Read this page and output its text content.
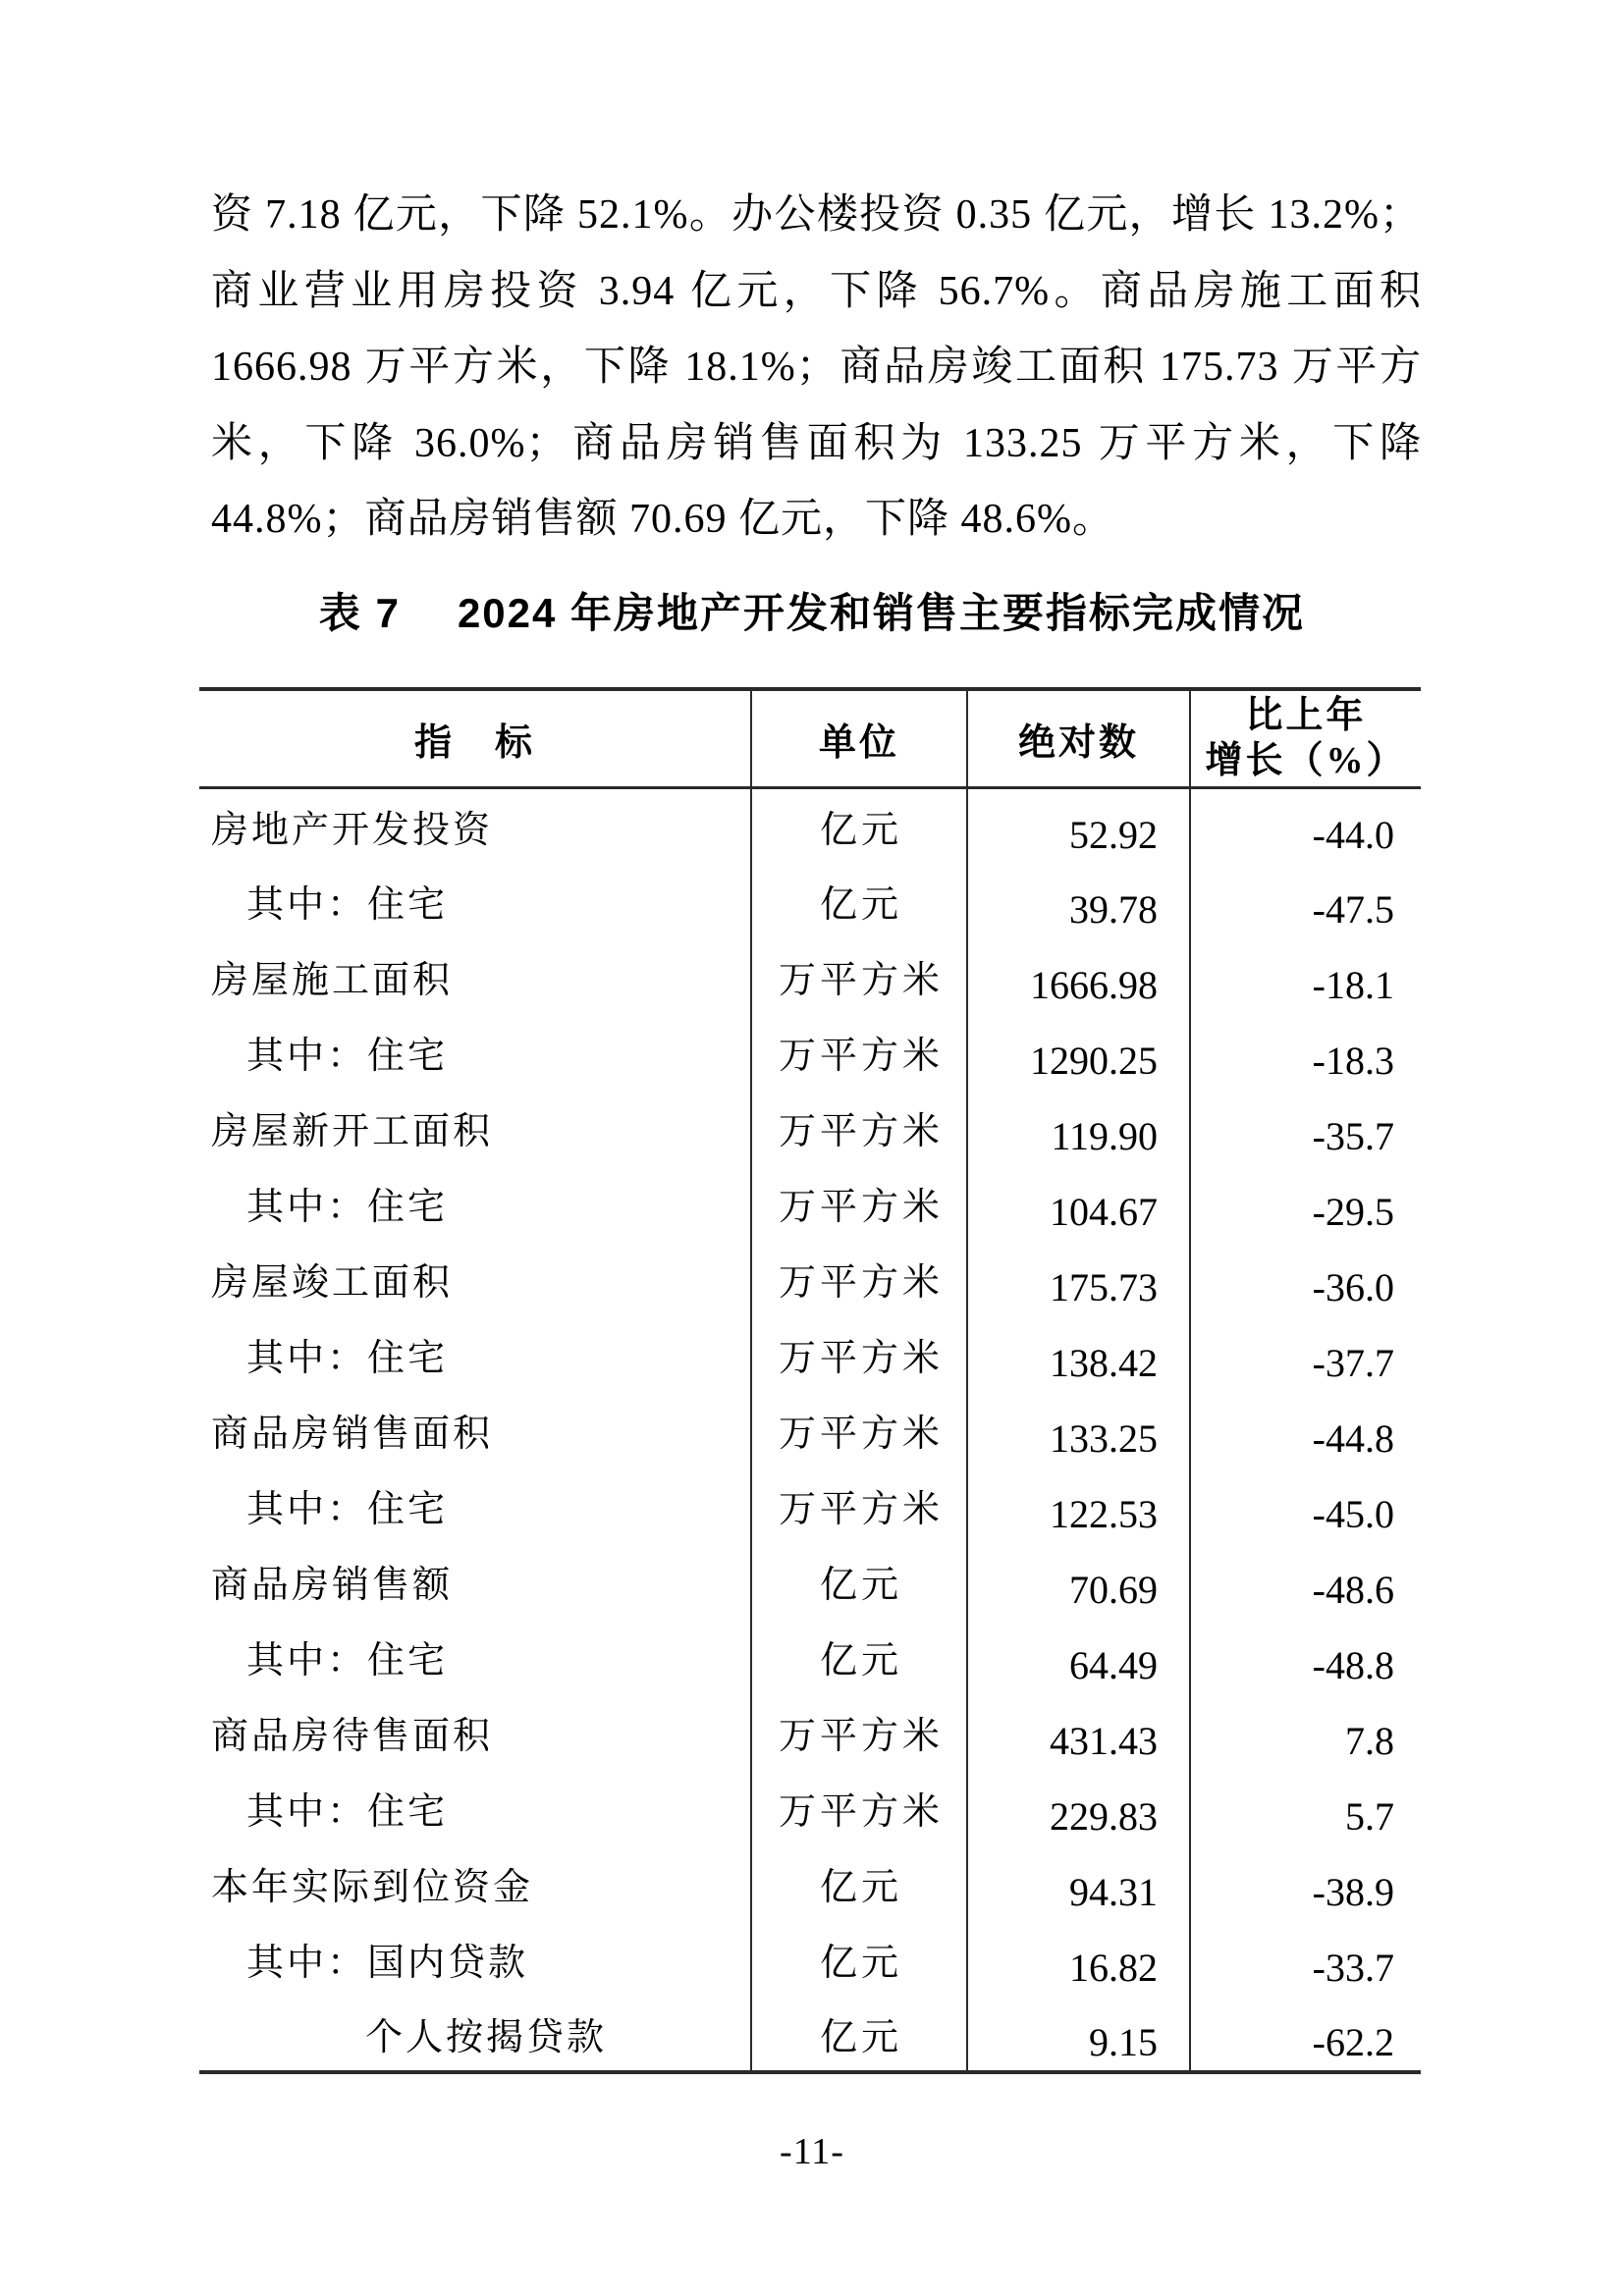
资 7.18 亿元，下降 52.1%。办公楼投资 0.35 亿元，增长 13.2%；
商业营业用房投资 3.94 亿元，下降 56.7%。商品房施工面积
1666.98 万平方米，下降 18.1%；商品房竣工面积 175.73 万平方
米，下降 36.0%；商品房销售面积为 133.25 万平方米，下降
44.8%；商品房销售额 70.69 亿元，下降 48.6%。
表 7 2024 年房地产开发和销售主要指标完成情况
指　标	单位	绝对数	比上年
增长（%）

房地产开发投资	亿元	52.92	-44.0
其中：住宅	亿元	39.78	-47.5
房屋施工面积	万平方米	1666.98	-18.1
其中：住宅	万平方米	1290.25	-18.3
房屋新开工面积	万平方米	119.90	-35.7
其中：住宅	万平方米	104.67	-29.5
房屋竣工面积	万平方米	175.73	-36.0
其中：住宅	万平方米	138.42	-37.7
商品房销售面积	万平方米	133.25	-44.8
其中：住宅	万平方米	122.53	-45.0
商品房销售额	亿元	70.69	-48.6
其中：住宅	亿元	64.49	-48.8
商品房待售面积	万平方米	431.43	7.8
其中：住宅	万平方米	229.83	5.7
本年实际到位资金	亿元	94.31	-38.9
其中：国内贷款	亿元	16.82	-33.7
个人按揭贷款	亿元	9.15	-62.2
-11-
